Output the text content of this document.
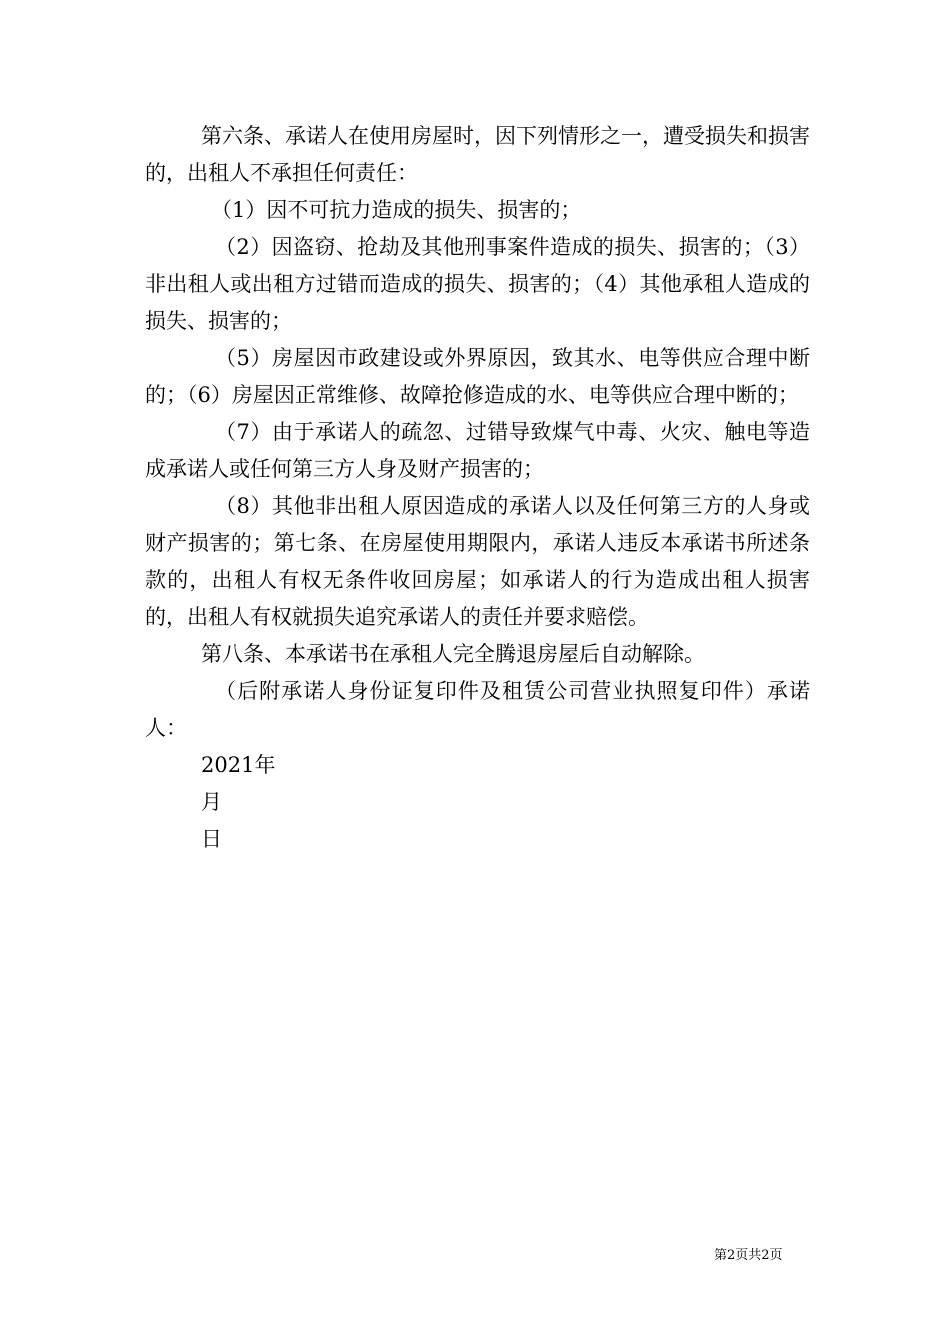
第六条、承诺人在使用房屋时，因下列情形之一，遭受损失和损害的，出租人不承担任何责任：

（1）因不可抗力造成的损失、损害的；

（2）因盗窃、抢劫及其他刑事案件造成的损失、损害的；（3）非出租人或出租方过错而造成的损失、损害的；（4）其他承租人造成的损失、损害的；

（5）房屋因市政建设或外界原因，致其水、电等供应合理中断的；（6）房屋因正常维修、故障抢修造成的水、电等供应合理中断的；

（7）由于承诺人的疏忽、过错导致煤气中毒、火灾、触电等造成承诺人或任何第三方人身及财产损害的；

（8）其他非出租人原因造成的承诺人以及任何第三方的人身或财产损害的；第七条、在房屋使用期限内，承诺人违反本承诺书所述条款的，出租人有权无条件收回房屋；如承诺人的行为造成出租人损害的，出租人有权就损失追究承诺人的责任并要求赔偿。

第八条、本承诺书在承租人完全腾退房屋后自动解除。

（后附承诺人身份证复印件及租赁公司营业执照复印件）承诺人：

2021年
月
日
第2页共2页
